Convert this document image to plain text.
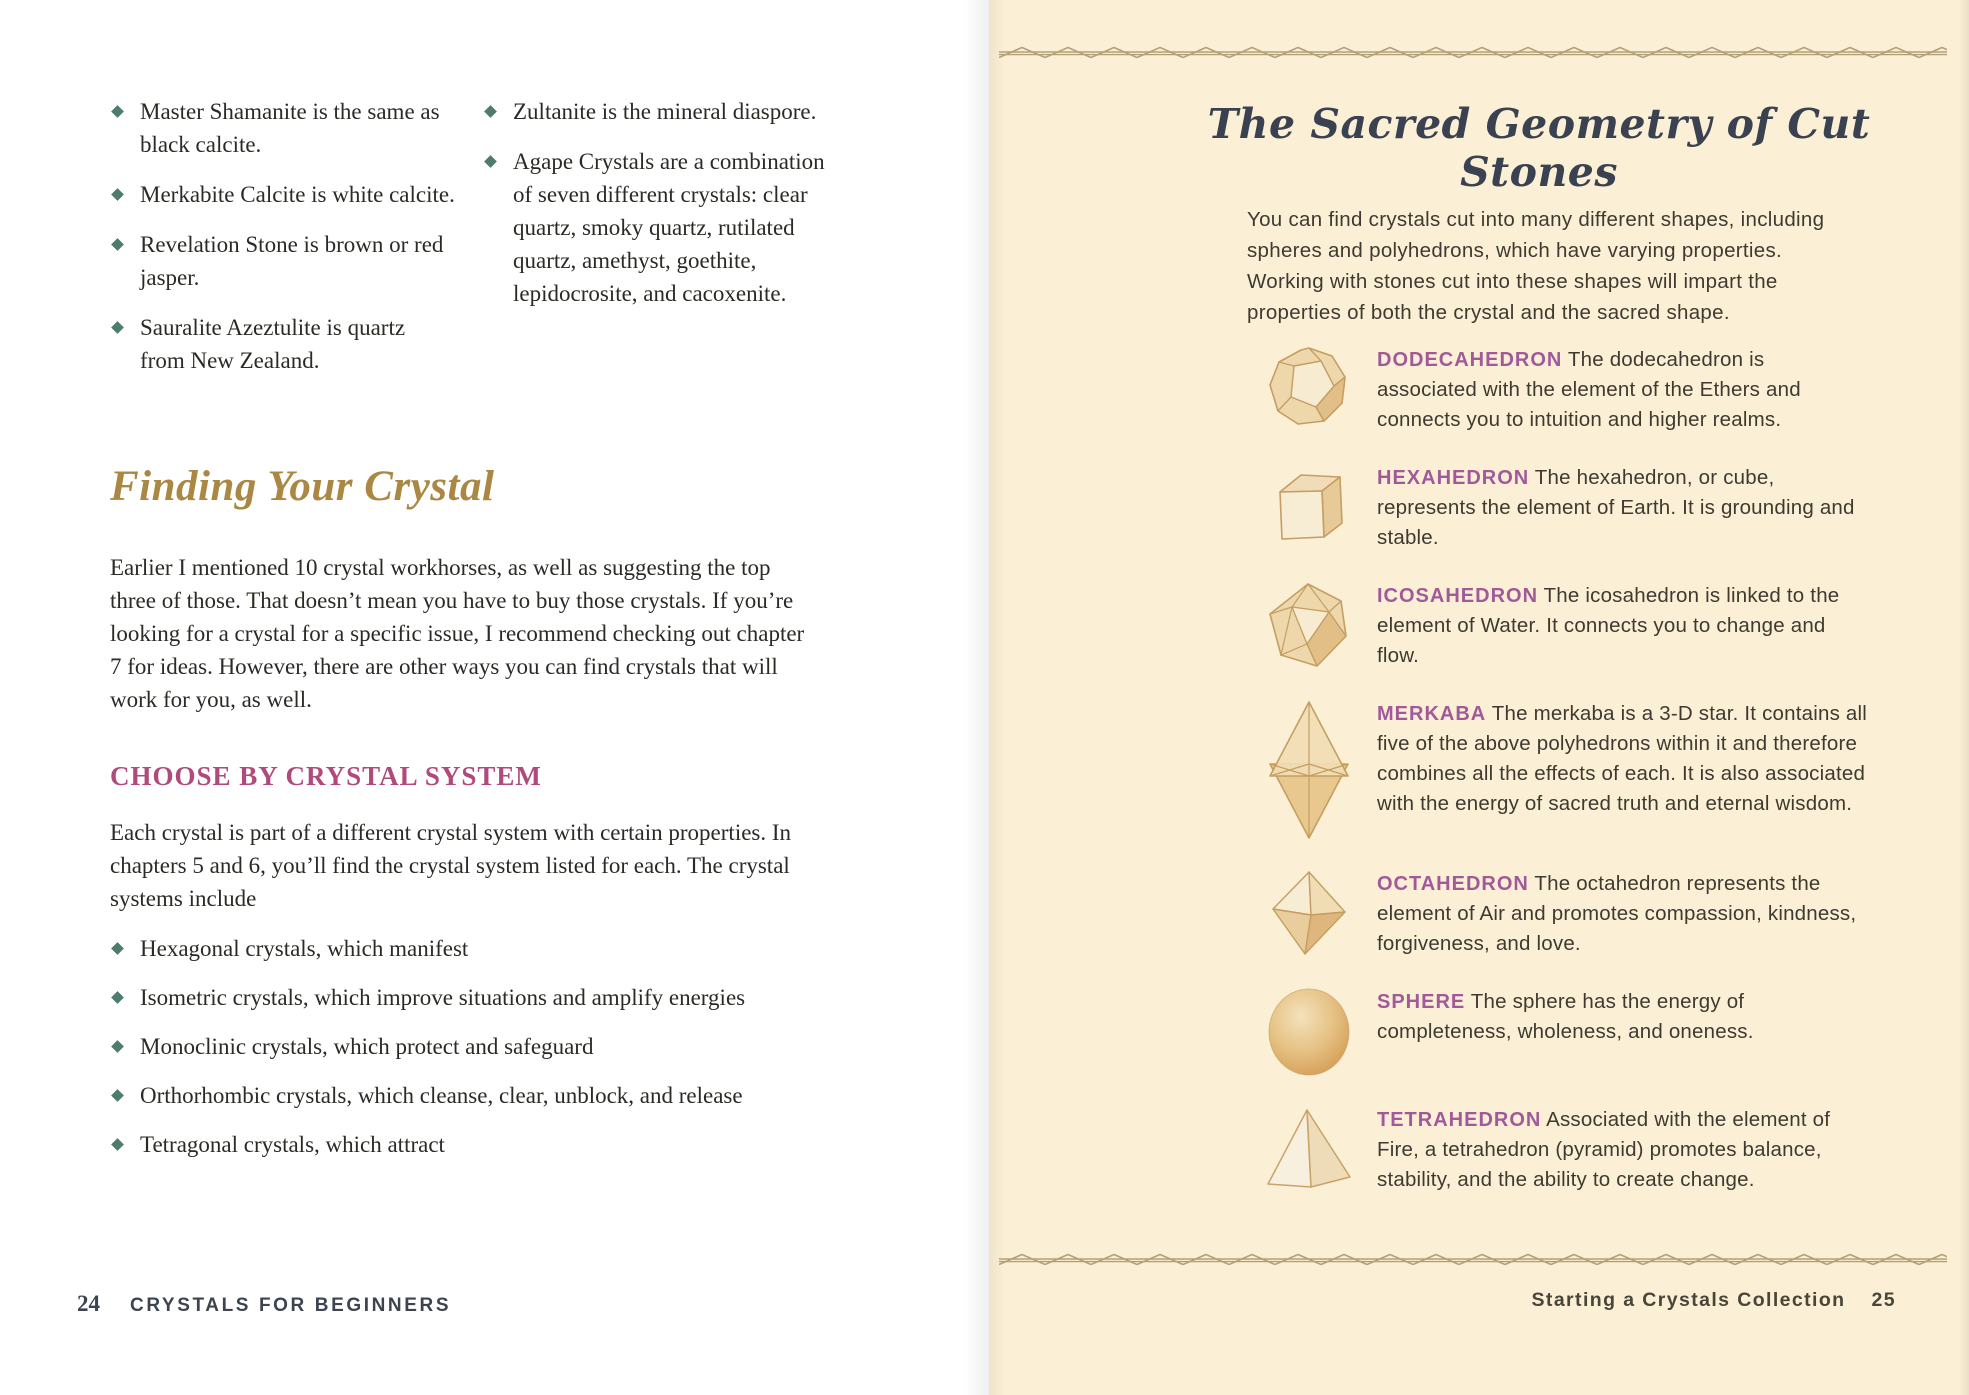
Master Shamanite is the same as black calcite.
Merkabite Calcite is white calcite.
Revelation Stone is brown or red jasper.
Sauralite Azeztulite is quartz from New Zealand.
Zultanite is the mineral diaspore.
Agape Crystals are a combination of seven different crystals: clear quartz, smoky quartz, rutilated quartz, amethyst, goethite, lepidocrosite, and cacoxenite.
Finding Your Crystal

Earlier I mentioned 10 crystal workhorses, as well as suggesting the top three of those. That doesn’t mean you have to buy those crystals. If you’re looking for a crystal for a specific issue, I recommend checking out chapter 7 for ideas. However, there are other ways you can find crystals that will work for you, as well.

CHOOSE BY CRYSTAL SYSTEM

Each crystal is part of a different crystal system with certain properties. In chapters 5 and 6, you’ll find the crystal system listed for each. The crystal systems include

Hexagonal crystals, which manifest
Isometric crystals, which improve situations and amplify energies
Monoclinic crystals, which protect and safeguard
Orthorhombic crystals, which cleanse, clear, unblock, and release
Tetragonal crystals, which attract
24 CRYSTALS FOR BEGINNERS
The Sacred Geometry of Cut Stones

You can find crystals cut into many different shapes, including spheres and polyhedrons, which have varying properties. Working with stones cut into these shapes will impart the properties of both the crystal and the sacred shape.

DODECAHEDRON The dodecahedron is associated with the element of the Ethers and connects you to intuition and higher realms.

HEXAHEDRON The hexahedron, or cube, represents the element of Earth. It is grounding and stable.

ICOSAHEDRON The icosahedron is linked to the element of Water. It connects you to change and flow.

MERKABA The merkaba is a 3-D star. It contains all five of the above polyhedrons within it and therefore combines all the effects of each. It is also associated with the energy of sacred truth and eternal wisdom.

OCTAHEDRON The octahedron represents the element of Air and promotes compassion, kindness, forgiveness, and love.

SPHERE The sphere has the energy of completeness, wholeness, and oneness.

TETRAHEDRON Associated with the element of Fire, a tetrahedron (pyramid) promotes balance, stability, and the ability to create change.

Starting a Crystals Collection 25
